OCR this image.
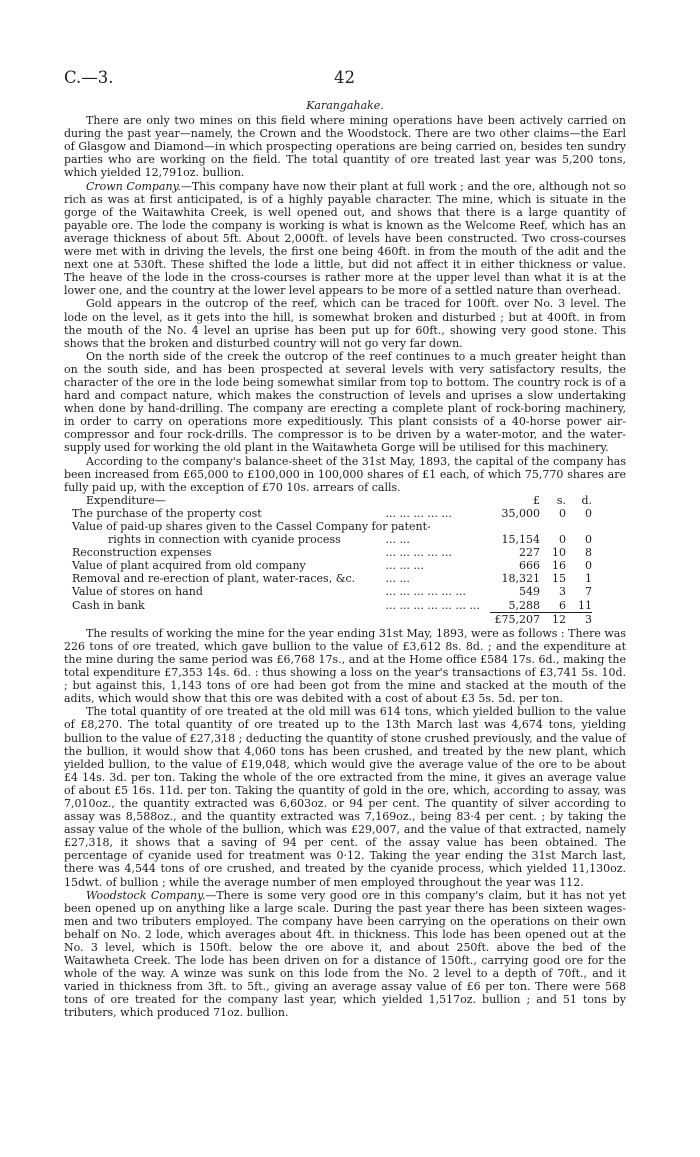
C.—3.	42
Karangahake.

There are only two mines on this field where mining operations have been actively carried on during the past year—namely, the Crown and the Woodstock. There are two other claims—the Earl of Glasgow and Diamond—in which prospecting operations are being carried on, besides ten sundry parties who are working on the field. The total quantity of ore treated last year was 5,200 tons, which yielded 12,791oz. bullion.

Crown Company.—This company have now their plant at full work ; and the ore, although not so rich as was at first anticipated, is of a highly payable character. The mine, which is situate in the gorge of the Waitawhita Creek, is well opened out, and shows that there is a large quantity of payable ore. The lode the company is working is what is known as the Welcome Reef, which has an average thickness of about 5ft. About 2,000ft. of levels have been constructed. Two cross-courses were met with in driving the levels, the first one being 460ft. in from the mouth of the adit and the next one at 530ft. These shifted the lode a little, but did not affect it in either thickness or value. The heave of the lode in the cross-courses is rather more at the upper level than what it is at the lower one, and the country at the lower level appears to be more of a settled nature than overhead.

Gold appears in the outcrop of the reef, which can be traced for 100ft. over No. 3 level. The lode on the level, as it gets into the hill, is somewhat broken and disturbed ; but at 400ft. in from the mouth of the No. 4 level an uprise has been put up for 60ft., showing very good stone. This shows that the broken and disturbed country will not go very far down.

On the north side of the creek the outcrop of the reef continues to a much greater height than on the south side, and has been prospected at several levels with very satisfactory results, the character of the ore in the lode being somewhat similar from top to bottom. The country rock is of a hard and compact nature, which makes the construction of levels and uprises a slow undertaking when done by hand-drilling. The company are erecting a complete plant of rock-boring machinery, in order to carry on operations more expeditiously. This plant consists of a 40-horse power air-compressor and four rock-drills. The compressor is to be driven by a water-motor, and the water-supply used for working the old plant in the Waitawheta Gorge will be utilised for this machinery.

According to the company's balance-sheet of the 31st May, 1893, the capital of the company has been increased from £65,000 to £100,000 in 100,000 shares of £1 each, of which 75,770 shares are fully paid up, with the exception of £70 10s. arrears of calls.

Expenditure—		£	s.	d.
The purchase of the property cost	... ... ... ... ...	35,000	0	0
Value of paid-up shares given to the Cassel Company for patent-				
rights in connection with cyanide process	... ...	15,154	0	0
Reconstruction expenses	... ... ... ... ...	227	10	8
Value of plant acquired from old company	... ... ...	666	16	0
Removal and re-erection of plant, water-races, &c.	... ...	18,321	15	1
Value of stores on hand	... ... ... ... ... ...	549	3	7
Cash in bank	... ... ... ... ... ... ...	5,288	6	11
		£75,207	12	3

The results of working the mine for the year ending 31st May, 1893, were as follows : There was 226 tons of ore treated, which gave bullion to the value of £3,612 8s. 8d. ; and the expenditure at the mine during the same period was £6,768 17s., and at the Home office £584 17s. 6d., making the total expenditure £7,353 14s. 6d. : thus showing a loss on the year's transactions of £3,741 5s. 10d. ; but against this, 1,143 tons of ore had been got from the mine and stacked at the mouth of the adits, which would show that this ore was debited with a cost of about £3 5s. 5d. per ton.

The total quantity of ore treated at the old mill was 614 tons, which yielded bullion to the value of £8,270. The total quantity of ore treated up to the 13th March last was 4,674 tons, yielding bullion to the value of £27,318 ; deducting the quantity of stone crushed previously, and the value of the bullion, it would show that 4,060 tons has been crushed, and treated by the new plant, which yielded bullion, to the value of £19,048, which would give the average value of the ore to be about £4 14s. 3d. per ton. Taking the whole of the ore extracted from the mine, it gives an average value of about £5 16s. 11d. per ton. Taking the quantity of gold in the ore, which, according to assay, was 7,010oz., the quantity extracted was 6,603oz. or 94 per cent. The quantity of silver according to assay was 8,588oz., and the quantity extracted was 7,169oz., being 83·4 per cent. ; by taking the assay value of the whole of the bullion, which was £29,007, and the value of that extracted, namely £27,318, it shows that a saving of 94 per cent. of the assay value has been obtained. The percentage of cyanide used for treatment was 0·12. Taking the year ending the 31st March last, there was 4,544 tons of ore crushed, and treated by the cyanide process, which yielded 11,130oz. 15dwt. of bullion ; while the average number of men employed throughout the year was 112.

Woodstock Company.—There is some very good ore in this company's claim, but it has not yet been opened up on anything like a large scale. During the past year there has been sixteen wages-men and two tributers employed. The company have been carrying on the operations on their own behalf on No. 2 lode, which averages about 4ft. in thickness. This lode has been opened out at the No. 3 level, which is 150ft. below the ore above it, and about 250ft. above the bed of the Waitawheta Creek. The lode has been driven on for a distance of 150ft., carrying good ore for the whole of the way. A winze was sunk on this lode from the No. 2 level to a depth of 70ft., and it varied in thickness from 3ft. to 5ft., giving an average assay value of £6 per ton. There were 568 tons of ore treated for the company last year, which yielded 1,517oz. bullion ; and 51 tons by tributers, which produced 71oz. bullion.
